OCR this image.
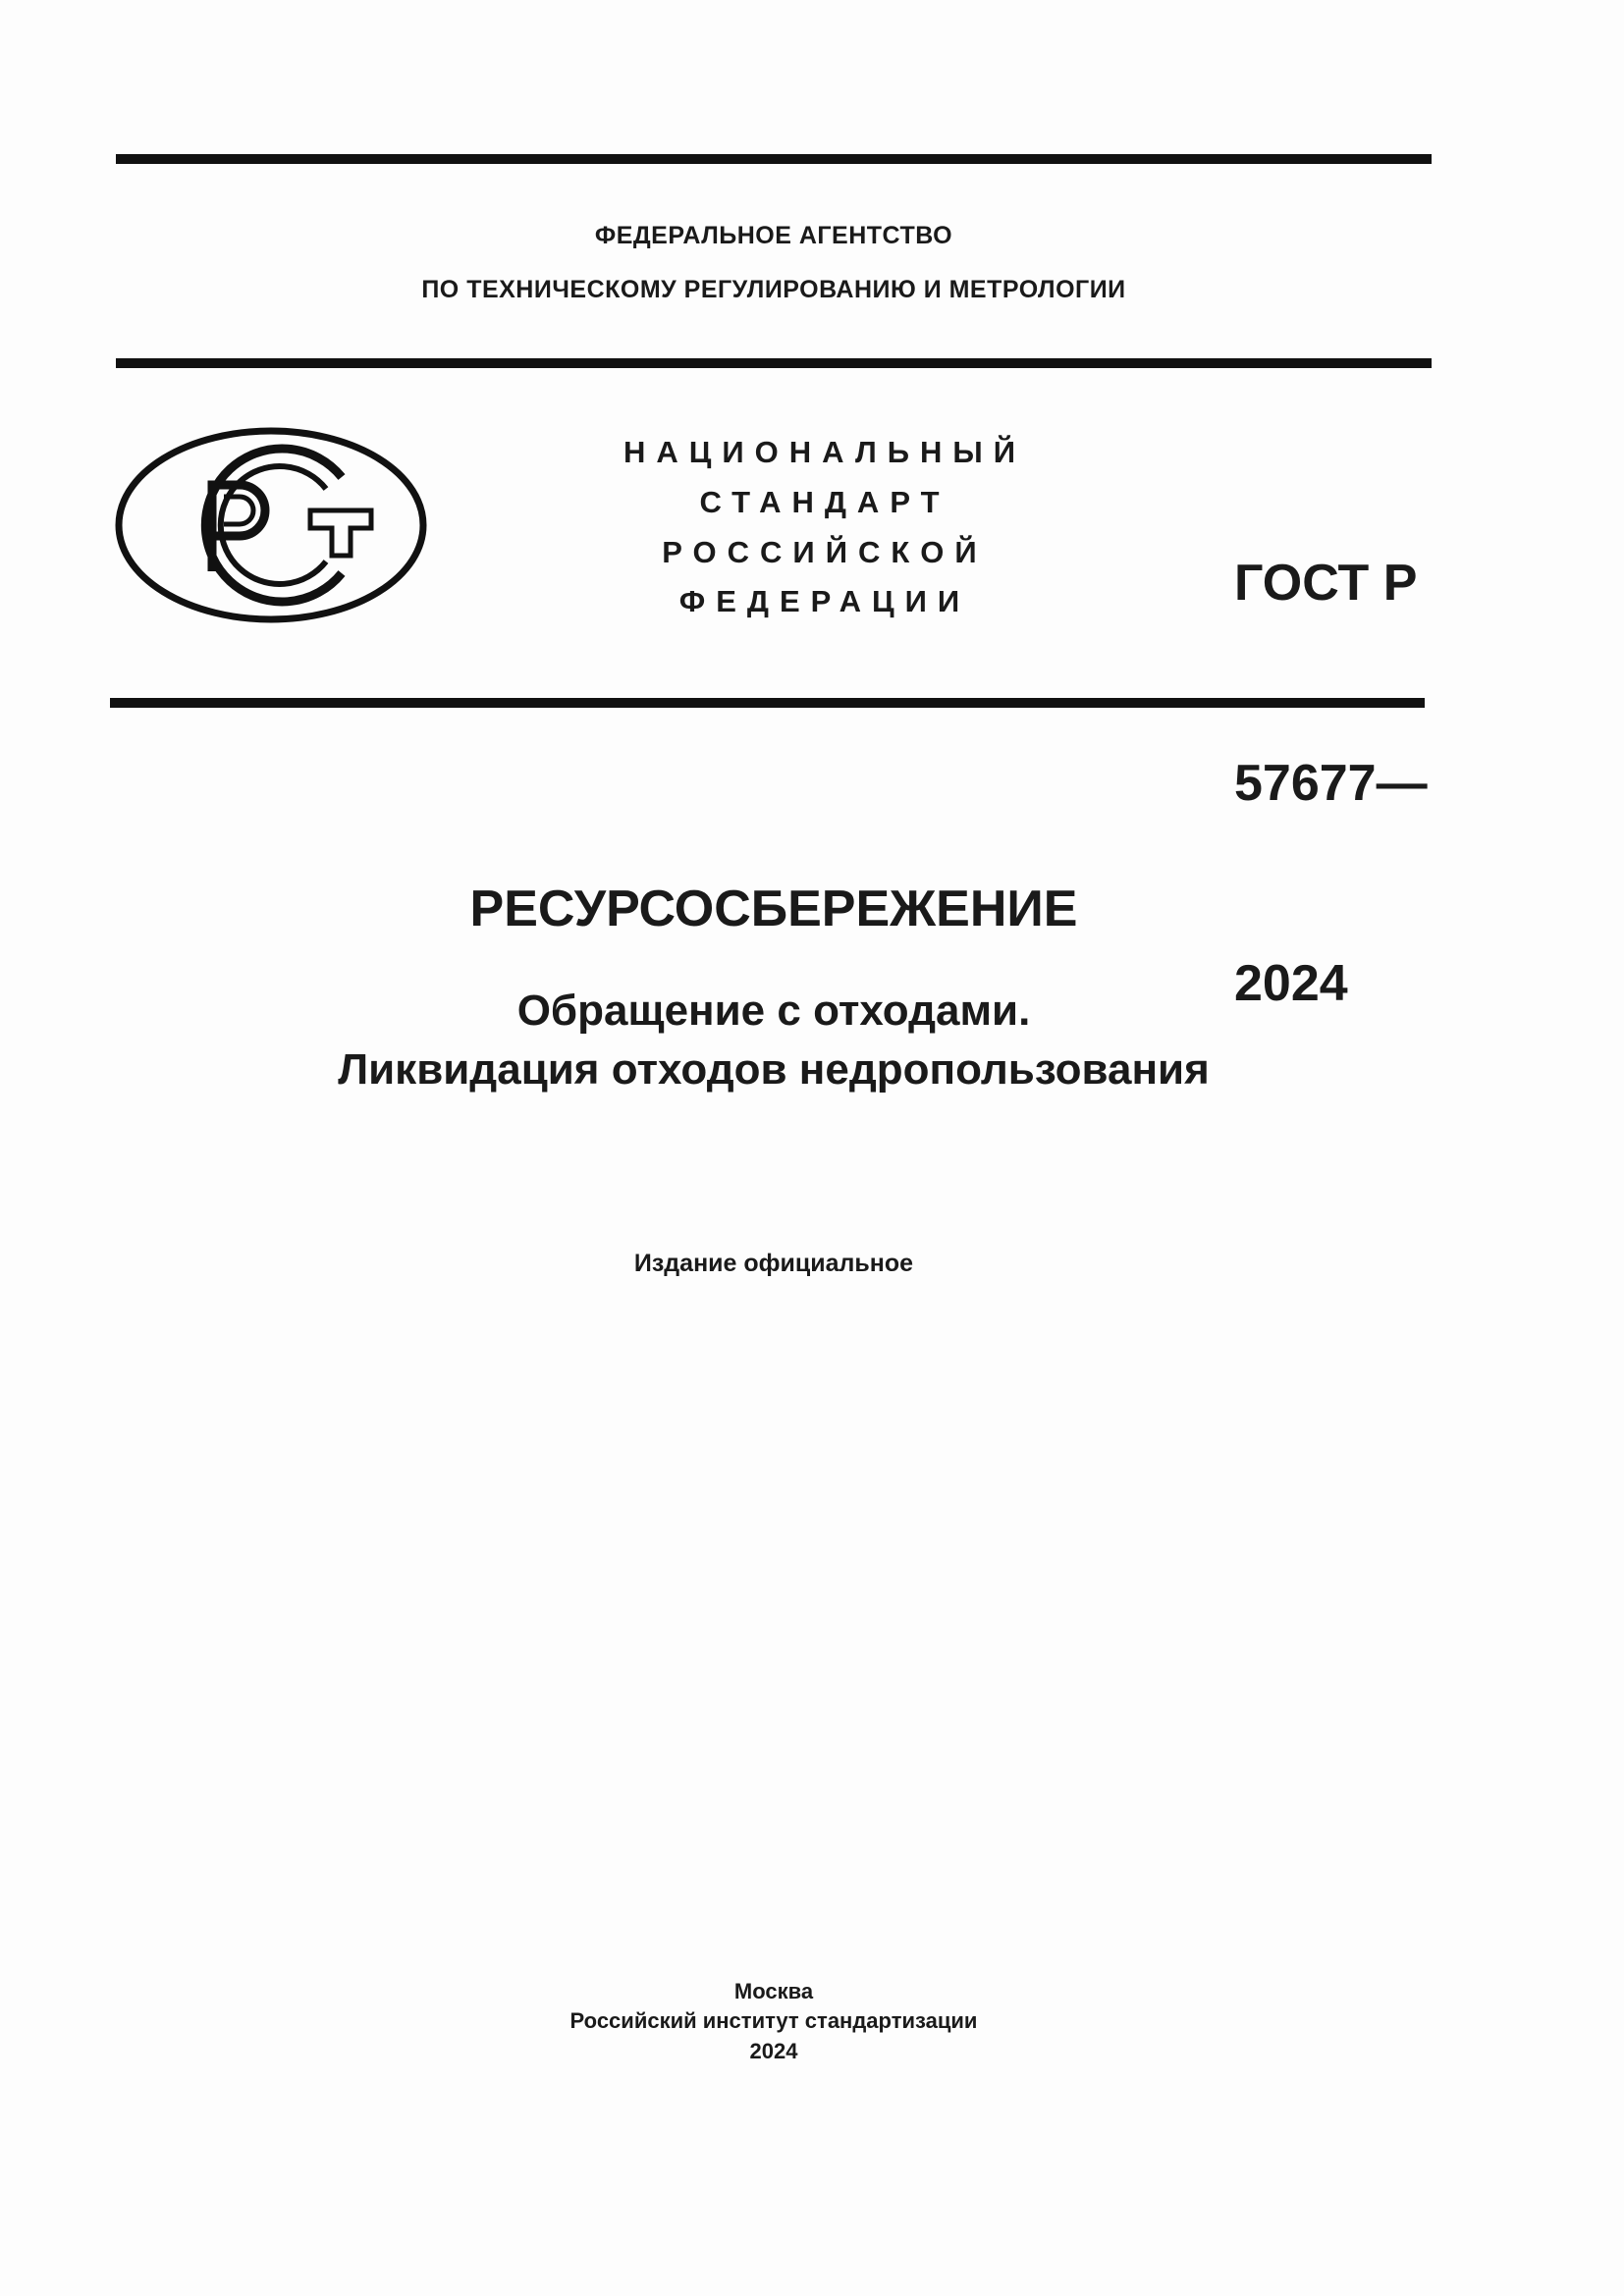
ФЕДЕРАЛЬНОЕ АГЕНТСТВО
ПО ТЕХНИЧЕСКОМУ РЕГУЛИРОВАНИЮ И МЕТРОЛОГИИ
НАЦИОНАЛЬНЫЙ
СТАНДАРТ
РОССИЙСКОЙ
ФЕДЕРАЦИИ

	ГОСТ Р

57677—

2024

РЕСУРСОСБЕРЕЖЕНИЕ
Обращение с отходами.
Ликвидация отходов недропользования
Издание официальное
Москва
Российский институт стандартизации
2024
